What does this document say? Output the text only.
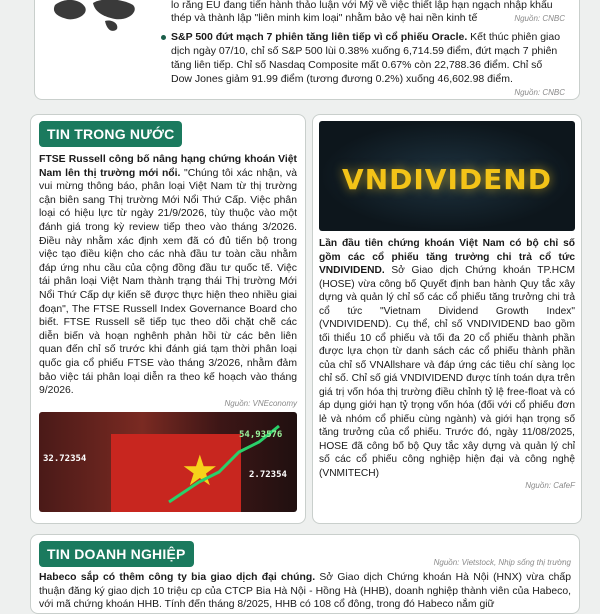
lo rằng EU đang tiến hành thảo luận với Mỹ về việc thiết lập hạn ngạch nhập khẩu
thép và thành lập "liên minh kim loại" nhằm bảo vệ hai nền kinh tế	Nguồn: CNBC
S&P 500 đứt mạch 7 phiên tăng liên tiếp vì cổ phiếu Oracle. Kết thúc phiên giao dịch ngày 07/10, chỉ số S&P 500 lùi 0.38% xuống 6,714.59 điểm, đứt mạch 7 phiên tăng liên tiếp. Chỉ số Nasdaq Composite mất 0.67% còn 22,788.36 điểm. Chỉ số Dow Jones giảm 91.99 điểm (tương đương 0.2%) xuống 46,602.98 điểm.
Nguồn: CNBC
TIN TRONG NƯỚC
FTSE Russell công bố nâng hạng chứng khoán Việt Nam lên thị trường mới nổi. "Chúng tôi xác nhận, và vui mừng thông báo, phân loại Việt Nam từ thị trường cận biên sang Thị trường Mới Nổi Thứ Cấp. Việc phân loại có hiệu lực từ ngày 21/9/2026, tùy thuộc vào một đánh giá trong kỳ review tiếp theo vào tháng 3/2026. Điều này nhằm xác định xem đã có đủ tiến bộ trong việc tạo điều kiện cho các nhà đầu tư toàn cầu nhằm đáp ứng nhu cầu của cộng đồng đầu tư quốc tế. Việc tái phân loại Việt Nam thành trạng thái Thị trường Mới Nổi Thứ Cấp dự kiến sẽ được thực hiện theo nhiều giai đoạn", The FTSE Russell Index Governance Board cho biết. FTSE Russell sẽ tiếp tục theo dõi chặt chẽ các diễn biến và hoạn nghênh phản hồi từ các bên liên quan đến chỉ số trước khi đánh giá tạm thời phân loại quốc gia cổ phiếu FTSE vào tháng 3/2026, nhằm đảm bảo việc tái phân loại diễn ra theo kế hoạch vào tháng 9/2026.
Nguồn: VNEconomy
★
54,93576
32.72354
2.72354
VNDIVIDEND
Lần đầu tiên chứng khoán Việt Nam có bộ chỉ số gồm các cổ phiếu tăng trưởng chi trả cổ tức VNDIVIDEND. Sở Giao dịch Chứng khoán TP.HCM (HOSE) vừa công bố Quyết định ban hành Quy tắc xây dựng và quản lý chỉ số các cổ phiếu tăng trưởng chi trả cổ tức "Vietnam Dividend Growth Index" (VNDIVIDEND). Cụ thể, chỉ số VNDIVIDEND bao gồm tối thiểu 10 cổ phiếu và tối đa 20 cổ phiếu thành phần được lựa chọn từ danh sách các cổ phiếu thành phần của chỉ số VNAllshare và đáp ứng các tiêu chí sàng lọc chỉ số. Chỉ số giá VNDIVIDEND được tính toán dựa trên giá trị vốn hóa thị trường điều chỉnh tỷ lệ free-float và có áp dụng giới hạn tỷ trọng vốn hóa (đối với cổ phiếu đơn lẻ và nhóm cổ phiếu cùng ngành) và giới hạn trọng số tăng trưởng của cổ phiếu. Trước đó, ngày 11/08/2025, HOSE đã công bố bộ Quy tắc xây dựng và quản lý chỉ số các cổ phiếu công nghiệp hiện đại và công nghệ (VNMITECH)
Nguồn: CafeF
TIN DOANH NGHIỆP
Nguồn: Vietstock, Nhịp sống thị trường
Habeco sắp có thêm công ty bia giao dịch đại chúng. Sở Giao dịch Chứng khoán Hà Nội (HNX) vừa chấp thuận đăng ký giao dịch 10 triệu cp của CTCP Bia Hà Nội - Hồng Hà (HHB), doanh nghiệp thành viên của Habeco, với mã chứng khoán HHB. Tính đến tháng 8/2025, HHB có 108 cổ đông, trong đó Habeco nắm giữ
